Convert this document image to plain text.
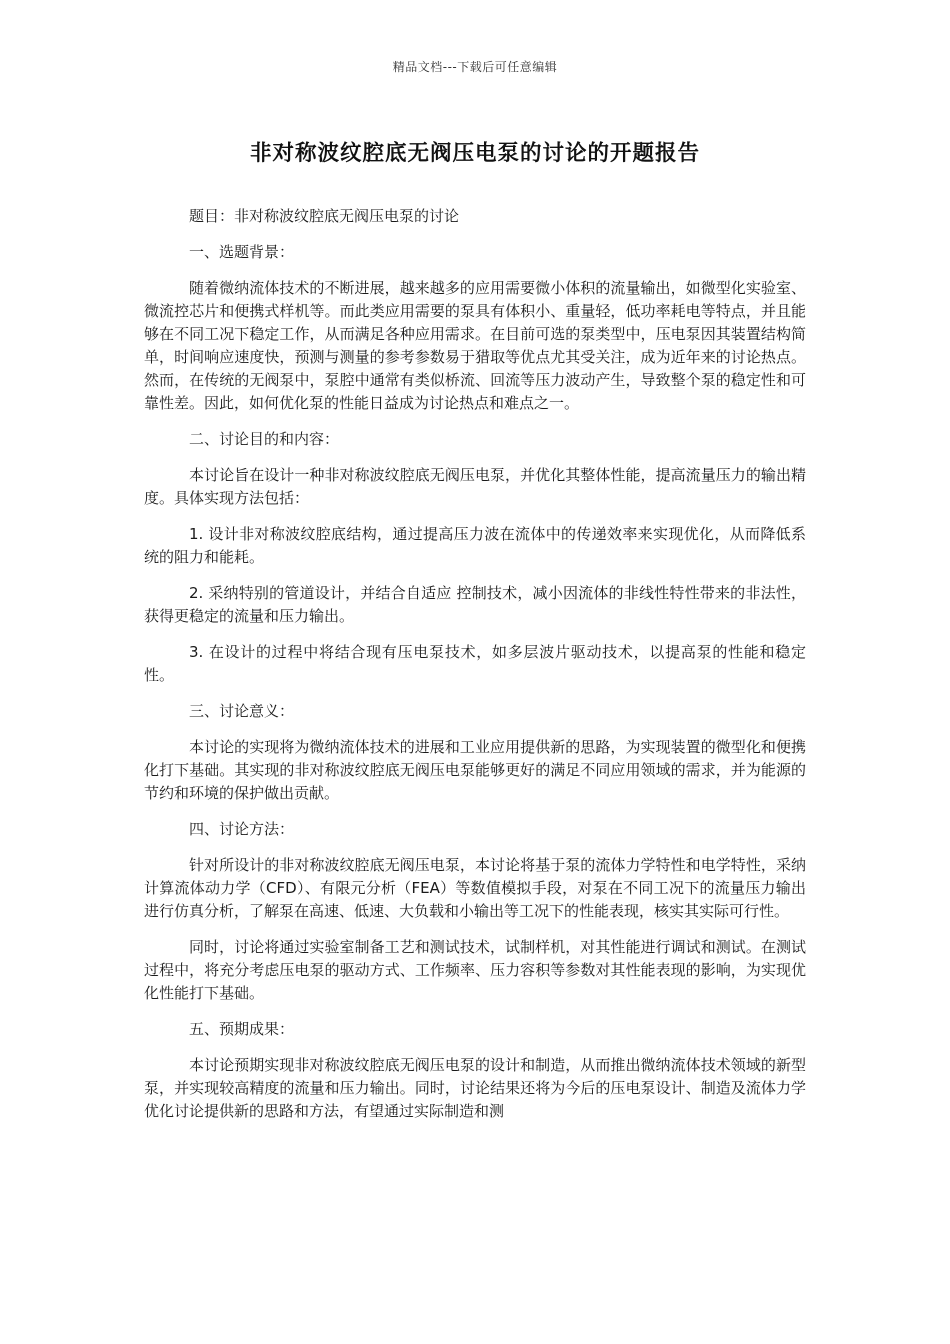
精品文档---下载后可任意编辑
非对称波纹腔底无阀压电泵的讨论的开题报告

题目：非对称波纹腔底无阀压电泵的讨论

一、选题背景：

随着微纳流体技术的不断进展，越来越多的应用需要微小体积的流量输出，如微型化实验室、微流控芯片和便携式样机等。而此类应用需要的泵具有体积小、重量轻，低功率耗电等特点，并且能够在不同工况下稳定工作，从而满足各种应用需求。在目前可选的泵类型中，压电泵因其装置结构简单，时间响应速度快，预测与测量的参考参数易于猎取等优点尤其受关注，成为近年来的讨论热点。然而，在传统的无阀泵中，泵腔中通常有类似桥流、回流等压力波动产生，导致整个泵的稳定性和可靠性差。因此，如何优化泵的性能日益成为讨论热点和难点之一。

二、讨论目的和内容：

本讨论旨在设计一种非对称波纹腔底无阀压电泵，并优化其整体性能，提高流量压力的输出精度。具体实现方法包括：

1. 设计非对称波纹腔底结构，通过提高压力波在流体中的传递效率来实现优化，从而降低系统的阻力和能耗。

2. 采纳特别的管道设计，并结合自适应 控制技术，减小因流体的非线性特性带来的非法性，获得更稳定的流量和压力输出。

3. 在设计的过程中将结合现有压电泵技术，如多层波片驱动技术，以提高泵的性能和稳定性。

三、讨论意义：

本讨论的实现将为微纳流体技术的进展和工业应用提供新的思路，为实现装置的微型化和便携化打下基础。其实现的非对称波纹腔底无阀压电泵能够更好的满足不同应用领域的需求，并为能源的节约和环境的保护做出贡献。

四、讨论方法：

针对所设计的非对称波纹腔底无阀压电泵，本讨论将基于泵的流体力学特性和电学特性，采纳计算流体动力学（CFD）、有限元分析（FEA）等数值模拟手段，对泵在不同工况下的流量压力输出进行仿真分析，了解泵在高速、低速、大负载和小输出等工况下的性能表现，核实其实际可行性。

同时，讨论将通过实验室制备工艺和测试技术，试制样机，对其性能进行调试和测试。在测试过程中，将充分考虑压电泵的驱动方式、工作频率、压力容积等参数对其性能表现的影响，为实现优化性能打下基础。

五、预期成果：

本讨论预期实现非对称波纹腔底无阀压电泵的设计和制造，从而推出微纳流体技术领域的新型泵，并实现较高精度的流量和压力输出。同时，讨论结果还将为今后的压电泵设计、制造及流体力学优化讨论提供新的思路和方法，有望通过实际制造和测
